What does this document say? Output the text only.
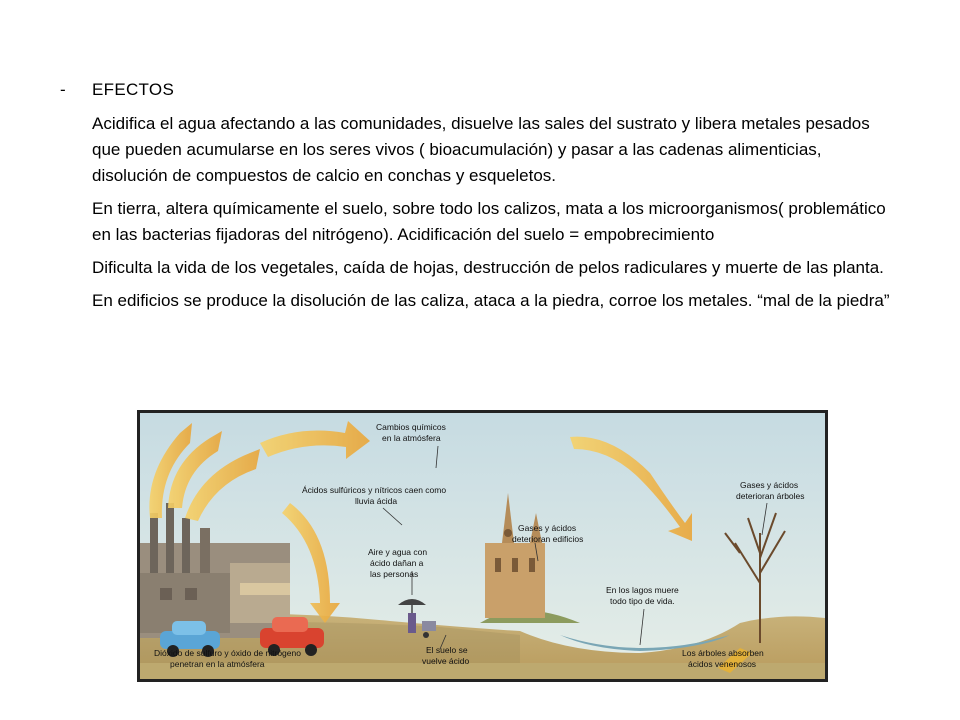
- EFECTOS

Acidifica el agua afectando a las comunidades, disuelve las sales del sustrato y libera metales pesados que pueden acumularse en los seres vivos ( bioacumulación) y pasar a las cadenas alimenticias, disolución de compuestos de calcio en conchas y esqueletos.

En tierra, altera químicamente el suelo, sobre todo los calizos, mata a los microorganismos( problemático en las bacterias fijadoras del nitrógeno). Acidificación del suelo = empobrecimiento

Dificulta la vida de los vegetales, caída de hojas, destrucción de pelos radiculares y muerte de las planta.

En edificios se produce la disolución de las caliza, ataca a la piedra, corroe los metales. “mal de la piedra”

Cambios químicos
en la atmósfera
Ácidos sulfúricos y nítricos caen como
lluvia ácida
Aire y agua con
ácido dañan a
las personas
Gases y ácidos
deterioran edificios
Gases y ácidos
deterioran árboles
En los lagos muere
todo tipo de vida.
Dióxido de sulfuro y óxido de nitrógeno
penetran en la atmósfera
El suelo se
vuelve ácido
Los árboles absorben
ácidos venenosos
